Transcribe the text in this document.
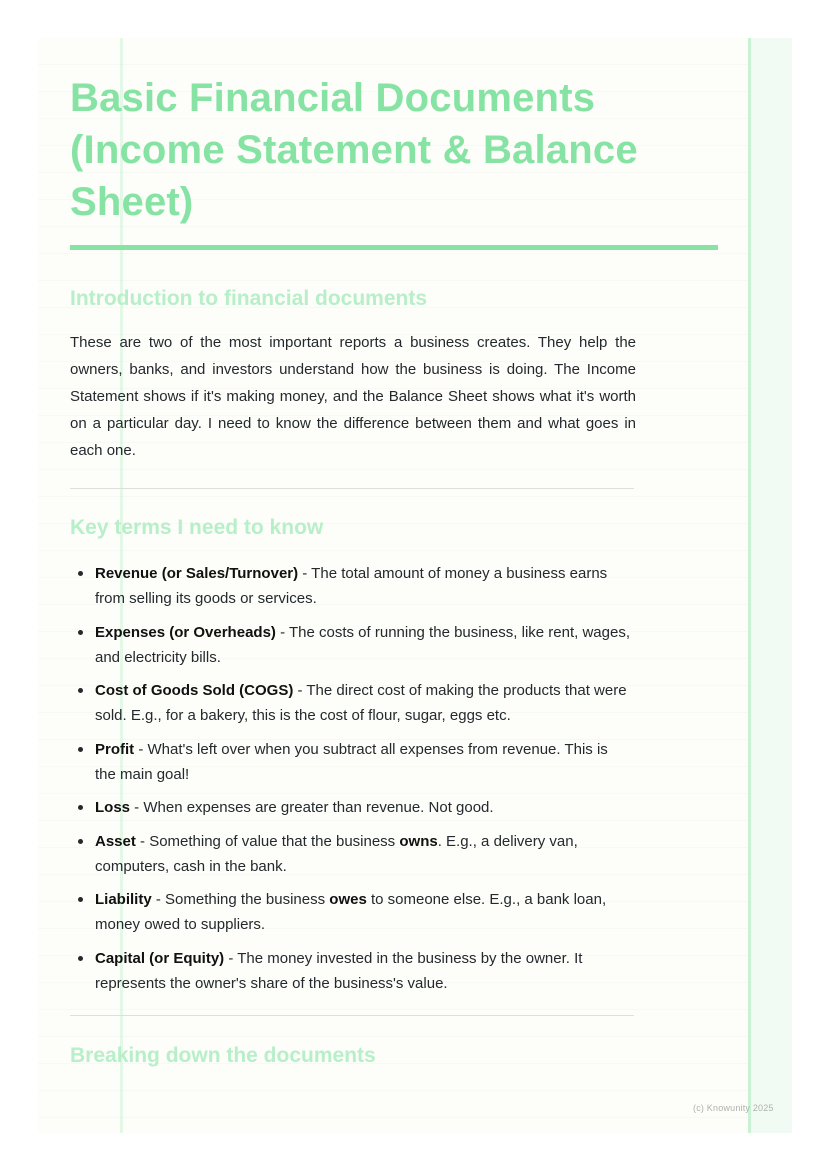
Basic Financial Documents (Income Statement & Balance Sheet)
Introduction to financial documents

These are two of the most important reports a business creates. They help the owners, banks, and investors understand how the business is doing. The Income Statement shows if it's making money, and the Balance Sheet shows what it's worth on a particular day. I need to know the difference between them and what goes in each one.

Key terms I need to know
Revenue (or Sales/Turnover) - The total amount of money a business earns from selling its goods or services.
Expenses (or Overheads) - The costs of running the business, like rent, wages, and electricity bills.
Cost of Goods Sold (COGS) - The direct cost of making the products that were sold. E.g., for a bakery, this is the cost of flour, sugar, eggs etc.
Profit - What's left over when you subtract all expenses from revenue. This is the main goal!
Loss - When expenses are greater than revenue. Not good.
Asset - Something of value that the business owns. E.g., a delivery van, computers, cash in the bank.
Liability - Something the business owes to someone else. E.g., a bank loan, money owed to suppliers.
Capital (or Equity) - The money invested in the business by the owner. It represents the owner's share of the business's value.
Breaking down the documents
(c) Knowunity 2025
